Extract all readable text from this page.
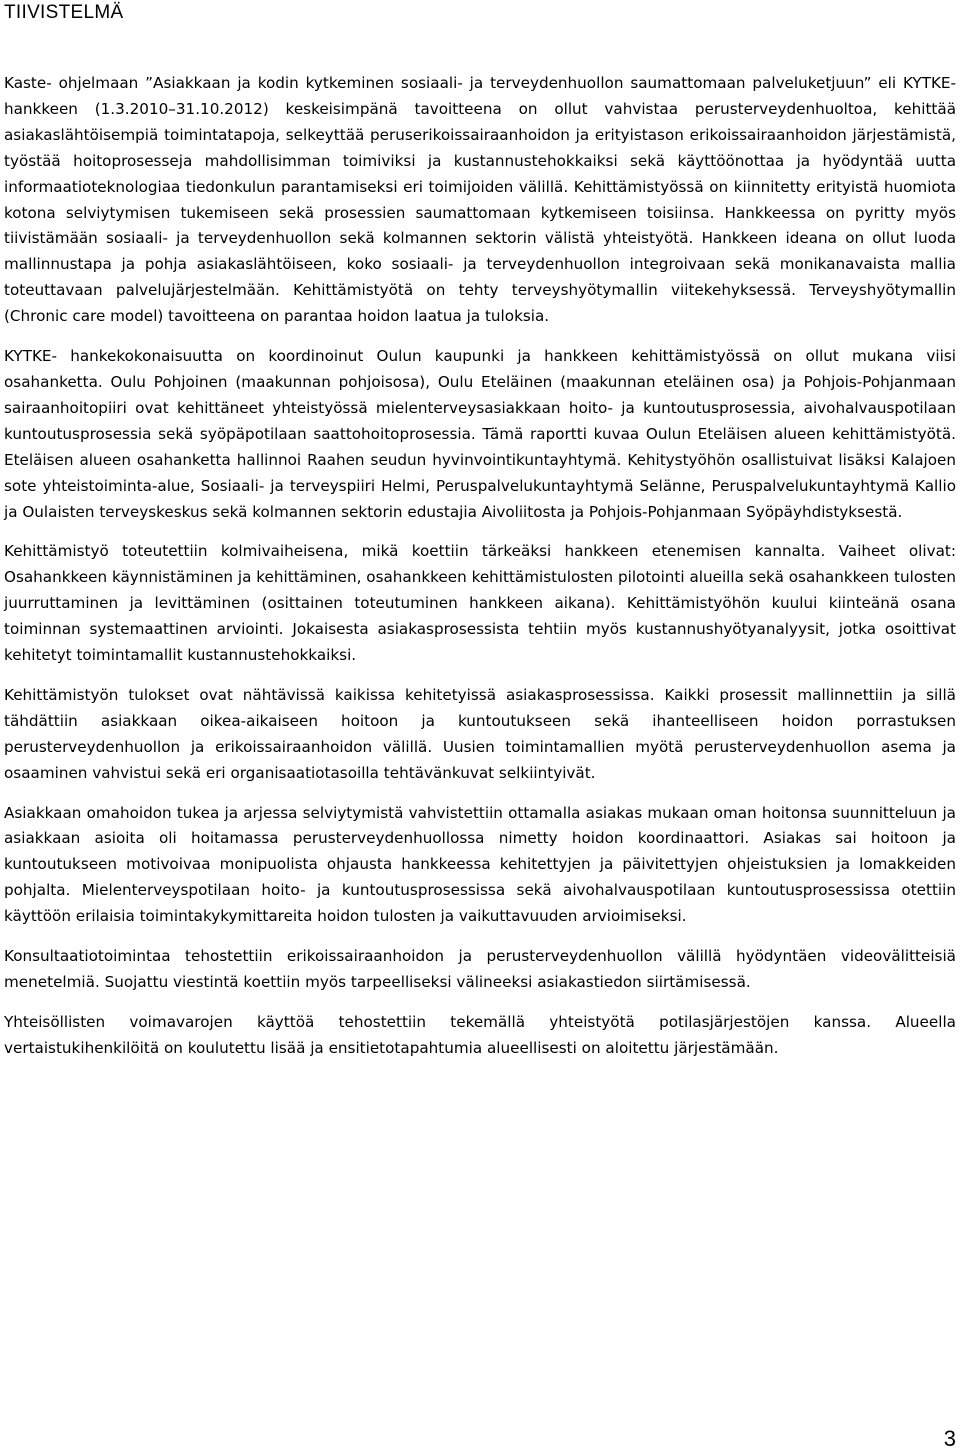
TIIVISTELMÄ

Kaste- ohjelmaan ”Asiakkaan ja kodin kytkeminen sosiaali- ja terveydenhuollon saumattomaan palveluketjuun” eli KYTKE- hankkeen (1.3.2010–31.10.2012) keskeisimpänä tavoitteena on ollut vahvistaa perusterveydenhuoltoa, kehittää asiakaslähtöisempiä toimintatapoja, selkeyttää peruserikoissairaanhoidon ja erityistason erikoissairaanhoidon järjestämistä, työstää hoitoprosesseja mahdollisimman toimiviksi ja kustannustehokkaiksi sekä käyttöönottaa ja hyödyntää uutta informaatioteknologiaa tiedonkulun parantamiseksi eri toimijoiden välillä. Kehittämistyössä on kiinnitetty erityistä huomiota kotona selviytymisen tukemiseen sekä prosessien saumattomaan kytkemiseen toisiinsa. Hankkeessa on pyritty myös tiivistämään sosiaali- ja terveydenhuollon sekä kolmannen sektorin välistä yhteistyötä. Hankkeen ideana on ollut luoda mallinnustapa ja pohja asiakaslähtöiseen, koko sosiaali- ja terveydenhuollon integroivaan sekä monikanavaista mallia toteuttavaan palvelujärjestelmään. Kehittämistyötä on tehty terveyshyötymallin viitekehyksessä. Terveyshyötymallin (Chronic care model) tavoitteena on parantaa hoidon laatua ja tuloksia.

KYTKE- hankekokonaisuutta on koordinoinut Oulun kaupunki ja hankkeen kehittämistyössä on ollut mukana viisi osahanketta. Oulu Pohjoinen (maakunnan pohjoisosa), Oulu Eteläinen (maakunnan eteläinen osa) ja Pohjois-Pohjanmaan sairaanhoitopiiri ovat kehittäneet yhteistyössä mielenterveysasiakkaan hoito- ja kuntoutusprosessia, aivohalvauspotilaan kuntoutusprosessia sekä syöpäpotilaan saattohoitoprosessia. Tämä raportti kuvaa Oulun Eteläisen alueen kehittämistyötä. Eteläisen alueen osahanketta hallinnoi Raahen seudun hyvinvointikuntayhtymä. Kehitystyöhön osallistuivat lisäksi Kalajoen sote yhteistoiminta-alue, Sosiaali- ja terveyspiiri Helmi, Peruspalvelukuntayhtymä Selänne, Peruspalvelukuntayhtymä Kallio ja Oulaisten terveyskeskus sekä kolmannen sektorin edustajia Aivoliitosta ja Pohjois-Pohjanmaan Syöpäyhdistyksestä.

Kehittämistyö toteutettiin kolmivaiheisena, mikä koettiin tärkeäksi hankkeen etenemisen kannalta. Vaiheet olivat: Osahankkeen käynnistäminen ja kehittäminen, osahankkeen kehittämistulosten pilotointi alueilla sekä osahankkeen tulosten juurruttaminen ja levittäminen (osittainen toteutuminen hankkeen aikana). Kehittämistyöhön kuului kiinteänä osana toiminnan systemaattinen arviointi. Jokaisesta asiakasprosessista tehtiin myös kustannushyötyanalyysit, jotka osoittivat kehitetyt toimintamallit kustannustehokkaiksi.

Kehittämistyön tulokset ovat nähtävissä kaikissa kehitetyissä asiakasprosessissa. Kaikki prosessit mallinnettiin ja sillä tähdättiin asiakkaan oikea-aikaiseen hoitoon ja kuntoutukseen sekä ihanteelliseen hoidon porrastuksen perusterveydenhuollon ja erikoissairaanhoidon välillä. Uusien toimintamallien myötä perusterveydenhuollon asema ja osaaminen vahvistui sekä eri organisaatiotasoilla tehtävänkuvat selkiintyivät.

Asiakkaan omahoidon tukea ja arjessa selviytymistä vahvistettiin ottamalla asiakas mukaan oman hoitonsa suunnitteluun ja asiakkaan asioita oli hoitamassa perusterveydenhuollossa nimetty hoidon koordinaattori. Asiakas sai hoitoon ja kuntoutukseen motivoivaa monipuolista ohjausta hankkeessa kehitettyjen ja päivitettyjen ohjeistuksien ja lomakkeiden pohjalta. Mielenterveyspotilaan hoito- ja kuntoutusprosessissa sekä aivohalvauspotilaan kuntoutusprosessissa otettiin käyttöön erilaisia toimintakykymittareita hoidon tulosten ja vaikuttavuuden arvioimiseksi.

Konsultaatiotoimintaa tehostettiin erikoissairaanhoidon ja perusterveydenhuollon välillä hyödyntäen videovälitteisiä menetelmiä. Suojattu viestintä koettiin myös tarpeelliseksi välineeksi asiakastiedon siirtämisessä.

Yhteisöllisten voimavarojen käyttöä tehostettiin tekemällä yhteistyötä potilasjärjestöjen kanssa. Alueella vertaistukihenkilöitä on koulutettu lisää ja ensitietotapahtumia alueellisesti on aloitettu järjestämään.

3
